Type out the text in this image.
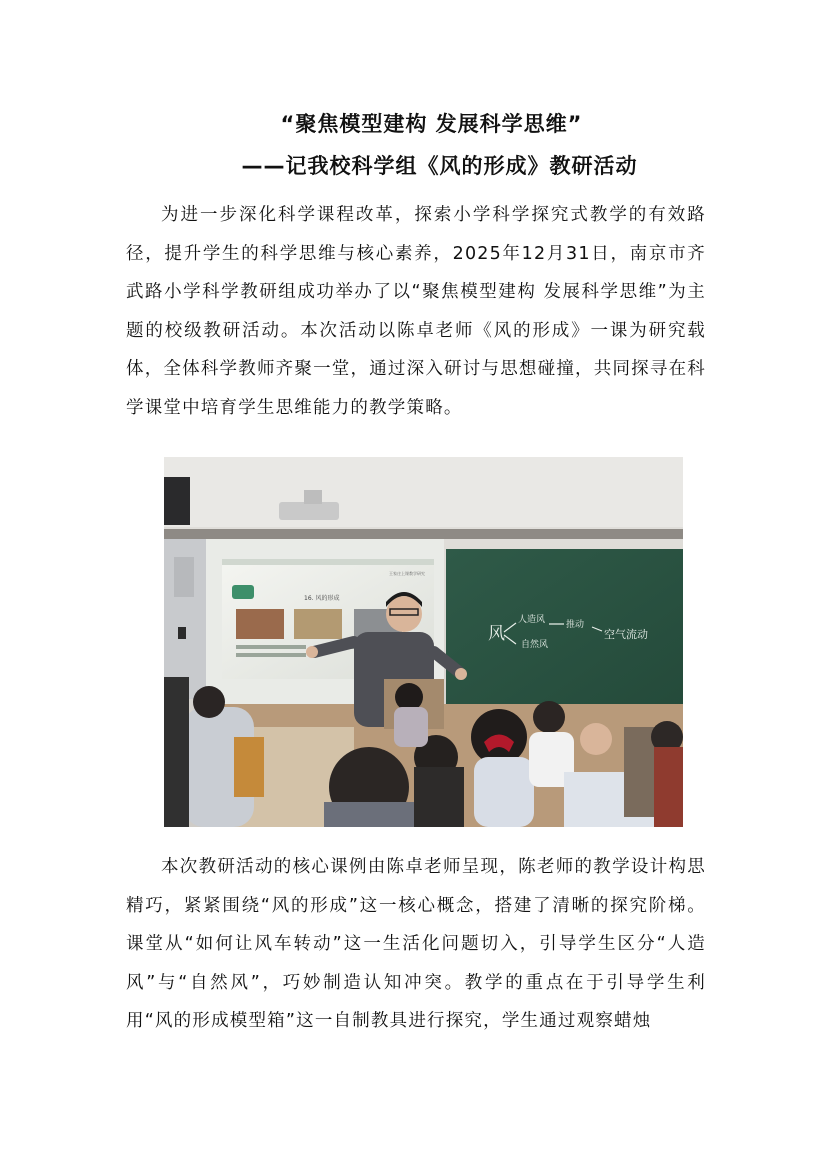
“聚焦模型建构 发展科学思维”
——记我校科学组《风的形成》教研活动

为进一步深化科学课程改革，探索小学科学探究式教学的有效路径，提升学生的科学思维与核心素养，2025年12月31日，南京市齐武路小学科学教研组成功举办了以“聚焦模型建构 发展科学思维”为主题的校级教研活动。本次活动以陈卓老师《风的形成》一课为研究载体，全体科学教师齐聚一堂，通过深入研讨与思想碰撞，共同探寻在科学课堂中培育学生思维能力的教学策略。

16. 风的形成
王家庄上课教学研究
风
人造风 推动
空气流动
自然风

本次教研活动的核心课例由陈卓老师呈现，陈老师的教学设计构思精巧，紧紧围绕“风的形成”这一核心概念，搭建了清晰的探究阶梯。课堂从“如何让风车转动”这一生活化问题切入，引导学生区分“人造风”与“自然风”，巧妙制造认知冲突。教学的重点在于引导学生利用“风的形成模型箱”这一自制教具进行探究，学生通过观察蜡烛
